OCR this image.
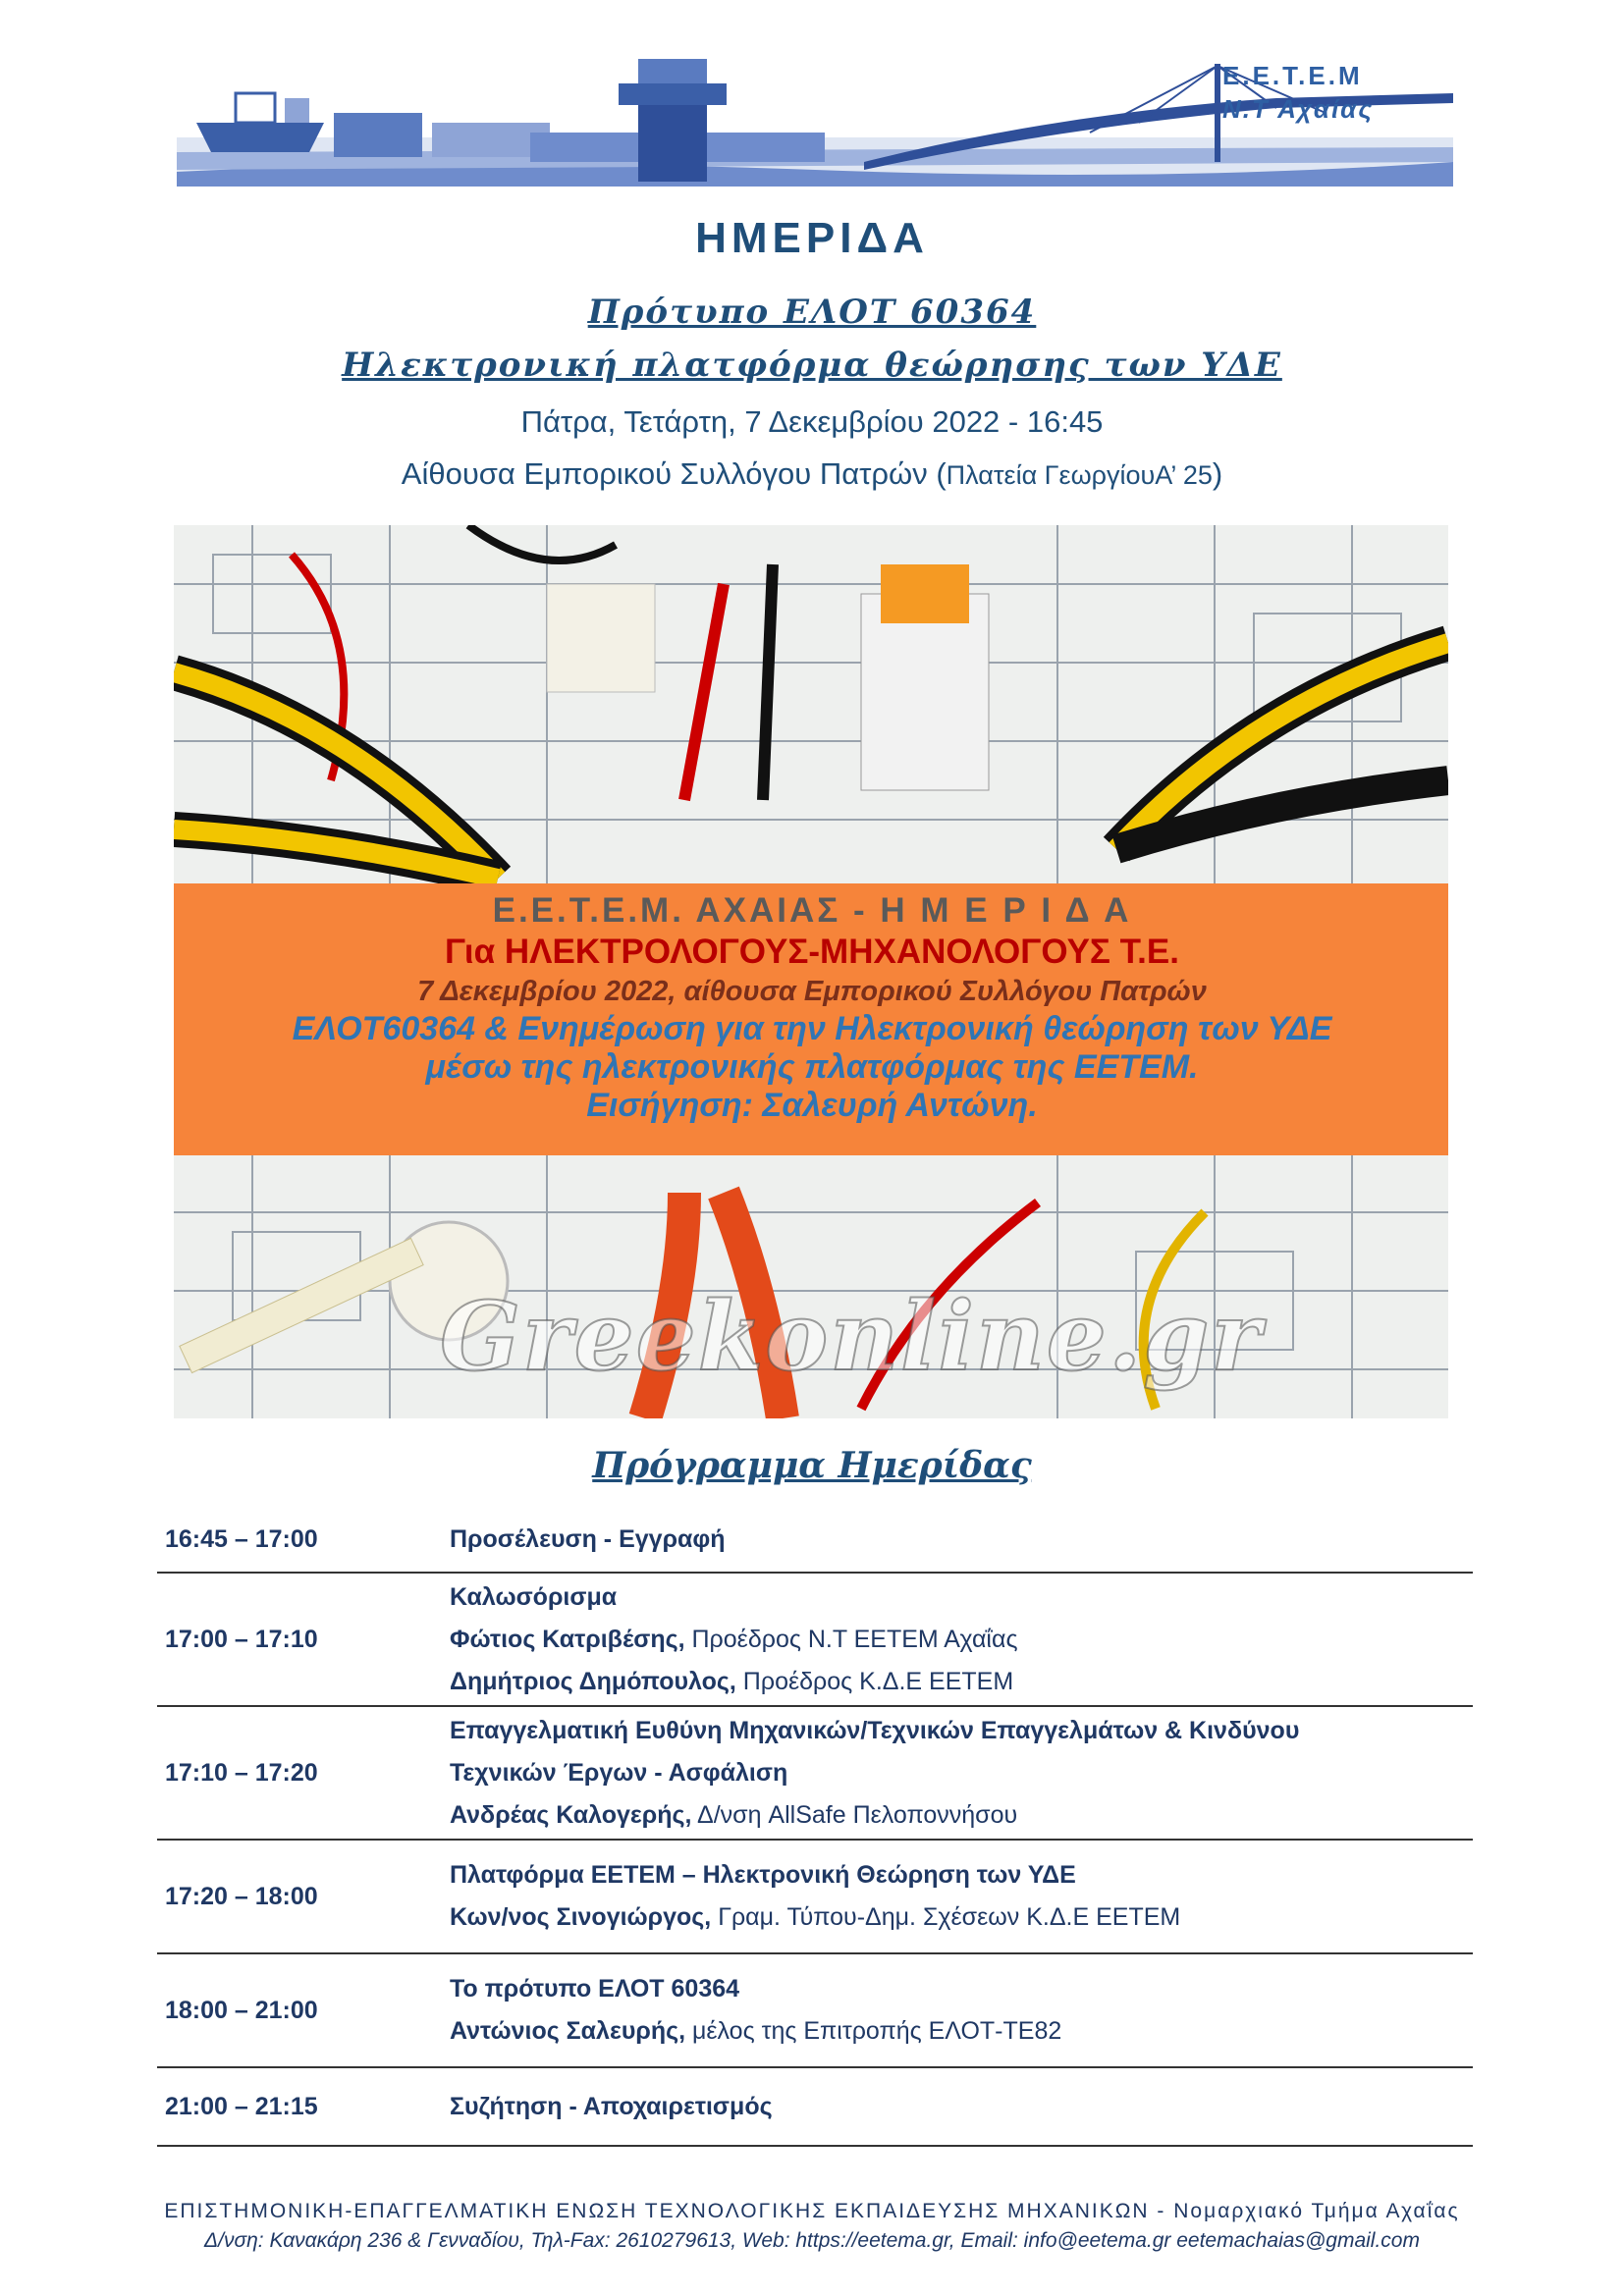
Ε.Ε.Τ.Ε.Μ
Ν.Τ Αχαίας
ΗΜΕΡΙΔΑ
Πρότυπο ΕΛΟΤ 60364
Ηλεκτρονική πλατφόρμα θεώρησης των ΥΔΕ
Πάτρα, Τετάρτη, 7 Δεκεμβρίου 2022 - 16:45
Αίθουσα Εμπορικού Συλλόγου Πατρών (Πλατεία ΓεωργίουΑ’ 25)
Ε.Ε.Τ.Ε.Μ. ΑΧΑΙΑΣ - Η Μ Ε Ρ Ι Δ Α
Για ΗΛΕΚΤΡΟΛΟΓΟΥΣ-ΜΗΧΑΝΟΛΟΓΟΥΣ Τ.Ε.
7 Δεκεμβρίου 2022, αίθουσα Εμπορικού Συλλόγου Πατρών
ΕΛΟΤ60364 & Ενημέρωση για την Ηλεκτρονική θεώρηση των ΥΔΕ
μέσω της ηλεκτρονικής πλατφόρμας της ΕΕΤΕΜ.
Εισήγηση: Σαλευρή Αντώνη.
Greekonline.gr
Πρόγραμμα Ημερίδας
16:45 – 17:00	Προσέλευση - Εγγραφή
17:00 – 17:10
Καλωσόρισμα
Φώτιος Κατριβέσης, Προέδρος Ν.Τ ΕΕΤΕΜ Αχαΐας
Δημήτριος Δημόπουλος, Προέδρος Κ.Δ.Ε ΕΕΤΕΜ
17:10 – 17:20
Επαγγελματική Ευθύνη Μηχανικών/Τεχνικών Επαγγελμάτων & Κινδύνου
Τεχνικών Έργων - Ασφάλιση
Ανδρέας Καλογερής, Δ/νση AllSafe Πελοποννήσου
17:20 – 18:00
Πλατφόρμα ΕΕΤΕΜ – Ηλεκτρονική Θεώρηση των ΥΔΕ
Κων/νος Σινογιώργος, Γραμ. Τύπου-Δημ. Σχέσεων Κ.Δ.Ε ΕΕΤΕΜ
18:00 – 21:00
Το πρότυπο ΕΛΟΤ 60364
Αντώνιος Σαλευρής, μέλος της Επιτροπής ΕΛΟΤ-ΤΕ82
21:00 – 21:15	Συζήτηση - Αποχαιρετισμός
ΕΠΙΣΤΗΜΟΝΙΚΗ-ΕΠΑΓΓΕΛΜΑΤΙΚΗ ΕΝΩΣΗ ΤΕΧΝΟΛΟΓΙΚΗΣ ΕΚΠΑΙΔΕΥΣΗΣ ΜΗΧΑΝΙΚΩΝ - Νομαρχιακό Τμήμα Αχαΐας
Δ/νση: Κανακάρη 236 & Γενναδίου, Τηλ-Fax: 2610279613, Web: https://eetema.gr, Email: info@eetema.gr eetemachaias@gmail.com
